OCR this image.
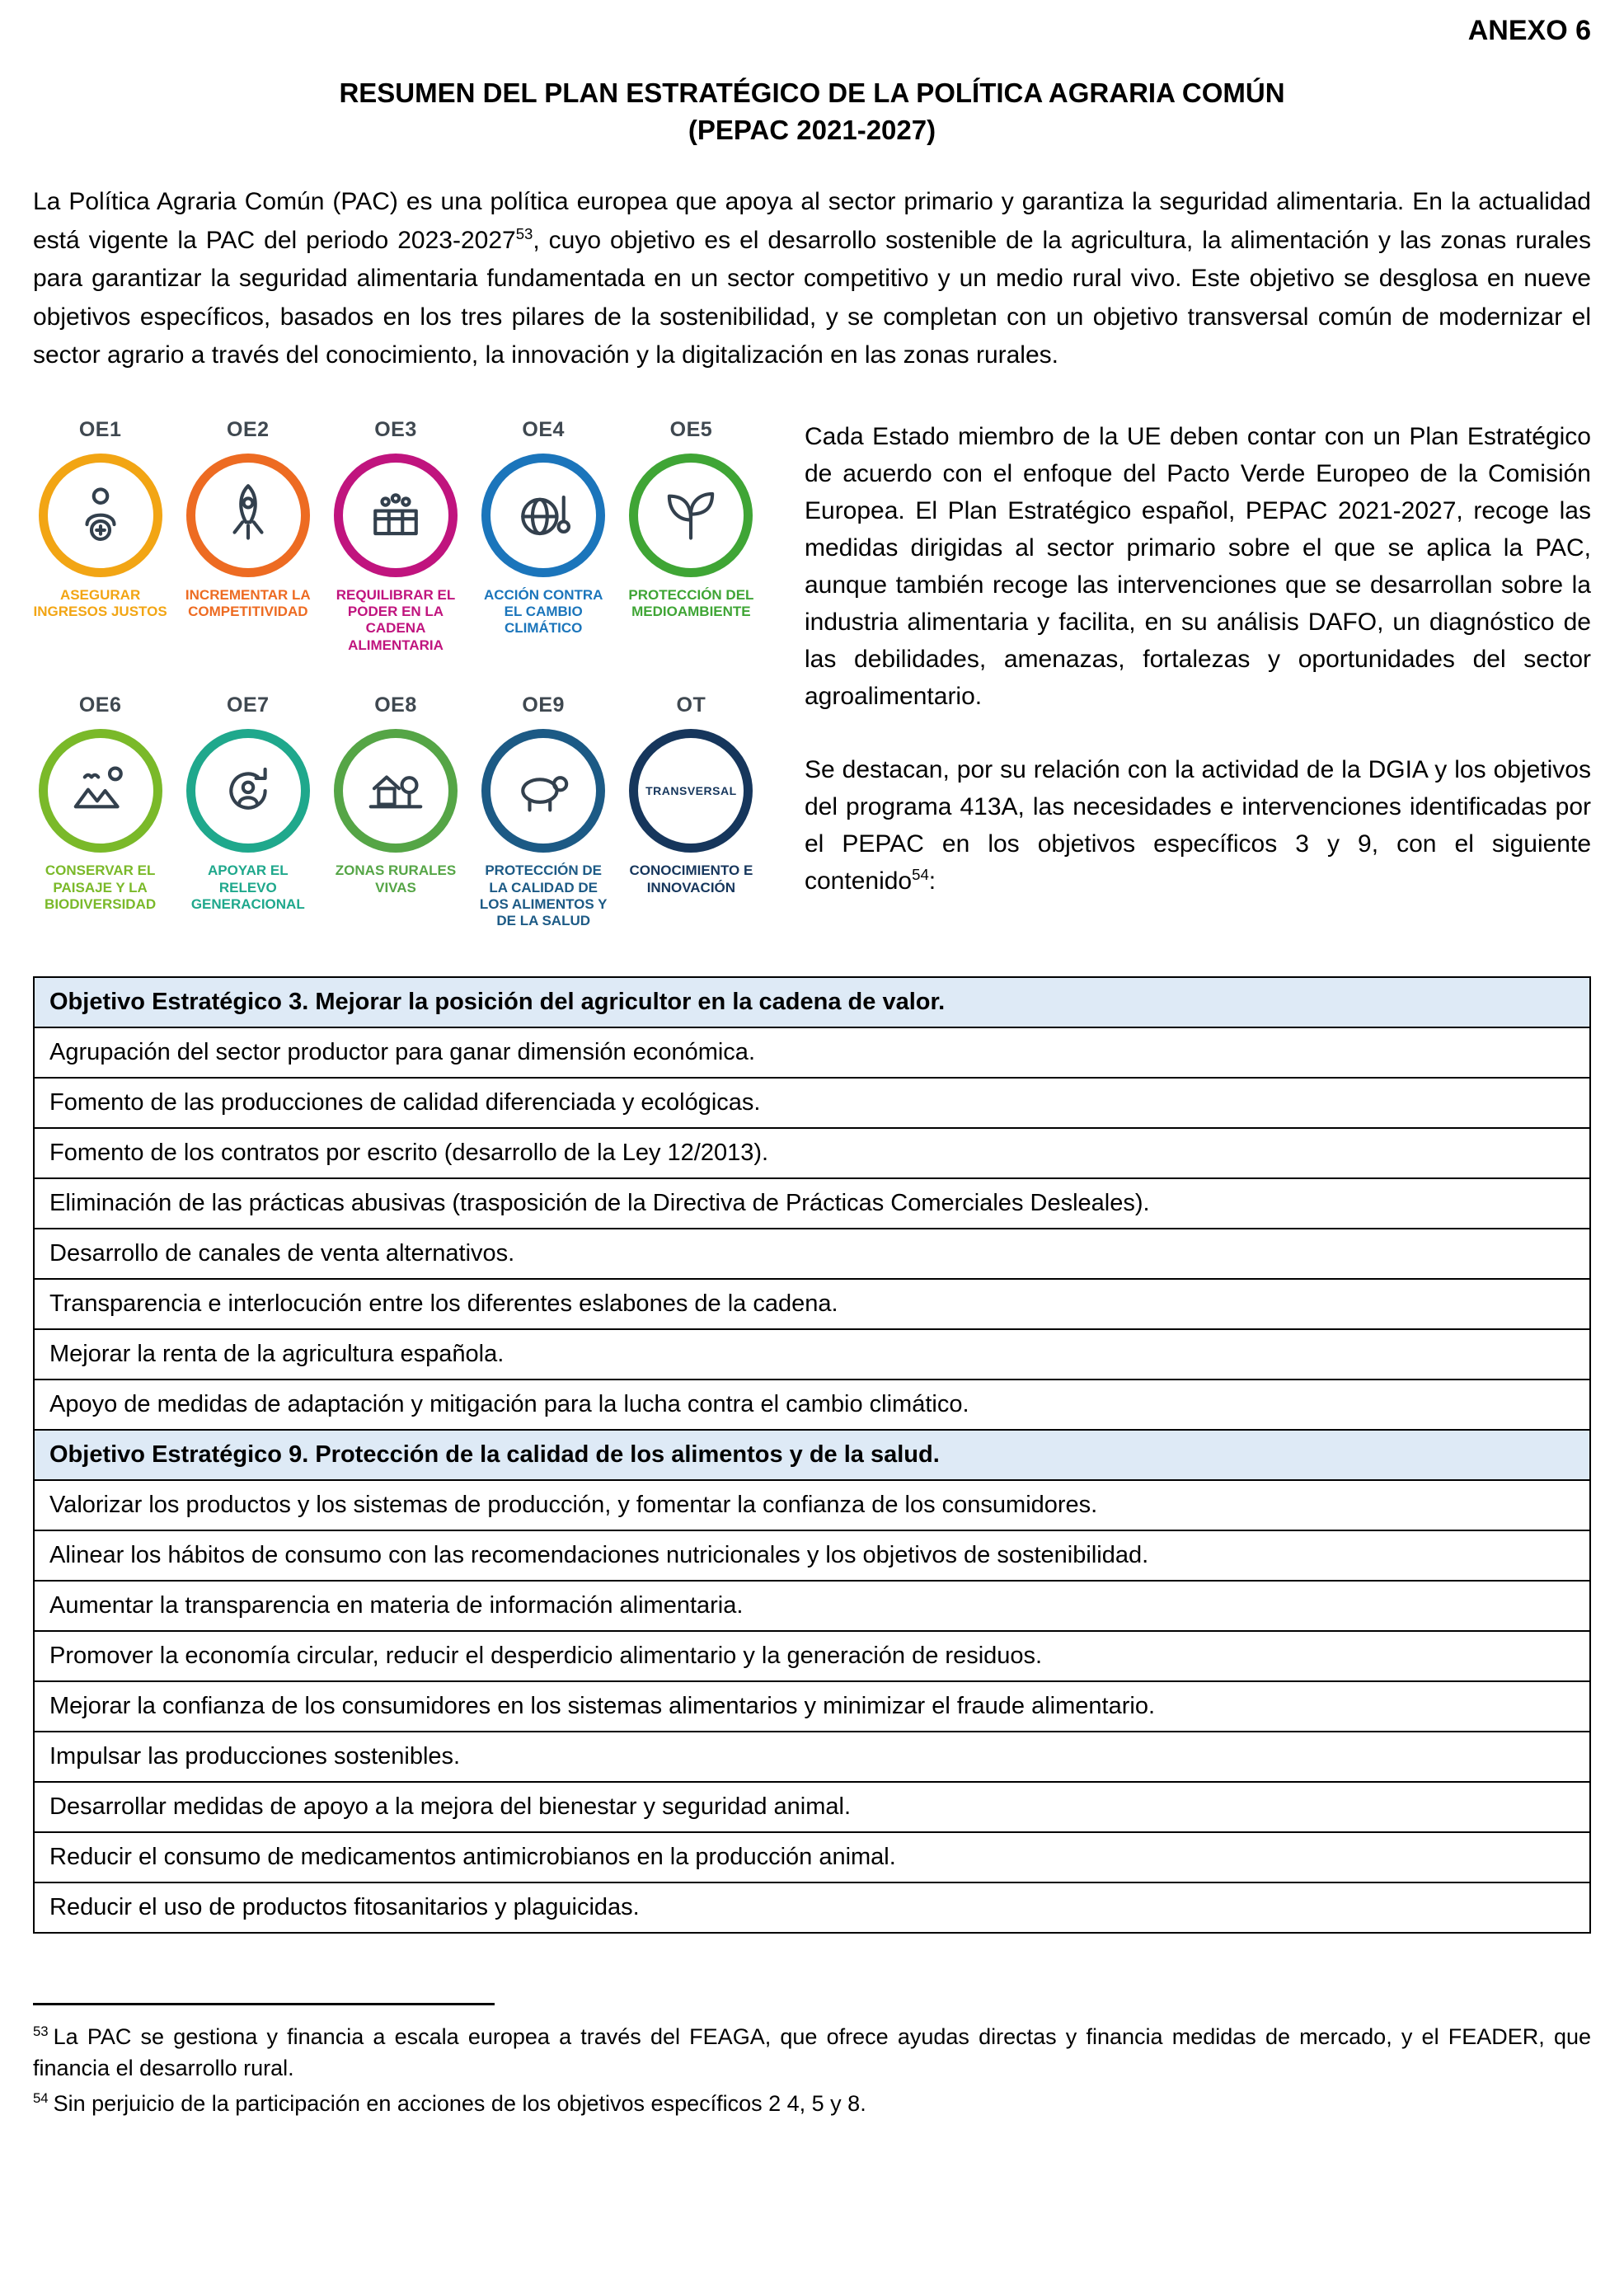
ANEXO 6
RESUMEN DEL PLAN ESTRATÉGICO DE LA POLÍTICA AGRARIA COMÚN
(PEPAC 2021-2027)

La Política Agraria Común (PAC) es una política europea que apoya al sector primario y garantiza la seguridad alimentaria. En la actualidad está vigente la PAC del periodo 2023-2027$^{53}$, cuyo objetivo es el desarrollo sostenible de la agricultura, la alimentación y las zonas rurales para garantizar la seguridad alimentaria fundamentada en un sector competitivo y un medio rural vivo. Este objetivo se desglosa en nueve objetivos específicos, basados en los tres pilares de la sostenibilidad, y se completan con un objetivo transversal común de modernizar el sector agrario a través del conocimiento, la innovación y la digitalización en las zonas rurales.

OE1
ASEGURAR INGRESOS JUSTOS
OE2
INCREMENTAR LA COMPETITIVIDAD
OE3
REQUILIBRAR EL PODER EN LA CADENA ALIMENTARIA
OE4
ACCIÓN CONTRA EL CAMBIO CLIMÁTICO
OE5
PROTECCIÓN DEL MEDIOAMBIENTE
OE6
CONSERVAR EL PAISAJE Y LA BIODIVERSIDAD
OE7
APOYAR EL RELEVO GENERACIONAL
OE8
ZONAS RURALES VIVAS
OE9
PROTECCIÓN DE LA CALIDAD DE LOS ALIMENTOS Y DE LA SALUD
OT
TRANSVERSAL
CONOCIMIENTO E INNOVACIÓN

Cada Estado miembro de la UE deben contar con un Plan Estratégico de acuerdo con el enfoque del Pacto Verde Europeo de la Comisión Europea. El Plan Estratégico español, PEPAC 2021-2027, recoge las medidas dirigidas al sector primario sobre el que se aplica la PAC, aunque también recoge las intervenciones que se desarrollan sobre la industria alimentaria y facilita, en su análisis DAFO, un diagnóstico de las debilidades, amenazas, fortalezas y oportunidades del sector agroalimentario.

Se destacan, por su relación con la actividad de la DGIA y los objetivos del programa 413A, las necesidades e intervenciones identificadas por el PEPAC en los objetivos específicos 3 y 9, con el siguiente contenido$^{54}$:

Objetivo Estratégico 3. Mejorar la posición del agricultor en la cadena de valor.
Agrupación del sector productor para ganar dimensión económica.
Fomento de las producciones de calidad diferenciada y ecológicas.
Fomento de los contratos por escrito (desarrollo de la Ley 12/2013).
Eliminación de las prácticas abusivas (trasposición de la Directiva de Prácticas Comerciales Desleales).
Desarrollo de canales de venta alternativos.
Transparencia e interlocución entre los diferentes eslabones de la cadena.
Mejorar la renta de la agricultura española.
Apoyo de medidas de adaptación y mitigación para la lucha contra el cambio climático.
Objetivo Estratégico 9. Protección de la calidad de los alimentos y de la salud.
Valorizar los productos y los sistemas de producción, y fomentar la confianza de los consumidores.
Alinear los hábitos de consumo con las recomendaciones nutricionales y los objetivos de sostenibilidad.
Aumentar la transparencia en materia de información alimentaria.
Promover la economía circular, reducir el desperdicio alimentario y la generación de residuos.
Mejorar la confianza de los consumidores en los sistemas alimentarios y minimizar el fraude alimentario.
Impulsar las producciones sostenibles.
Desarrollar medidas de apoyo a la mejora del bienestar y seguridad animal.
Reducir el consumo de medicamentos antimicrobianos en la producción animal.
Reducir el uso de productos fitosanitarios y plaguicidas.

$^{53}$ La PAC se gestiona y financia a escala europea a través del FEAGA, que ofrece ayudas directas y financia medidas de mercado, y el FEADER, que financia el desarrollo rural.

$^{54}$ Sin perjuicio de la participación en acciones de los objetivos específicos 2 4, 5 y 8.
